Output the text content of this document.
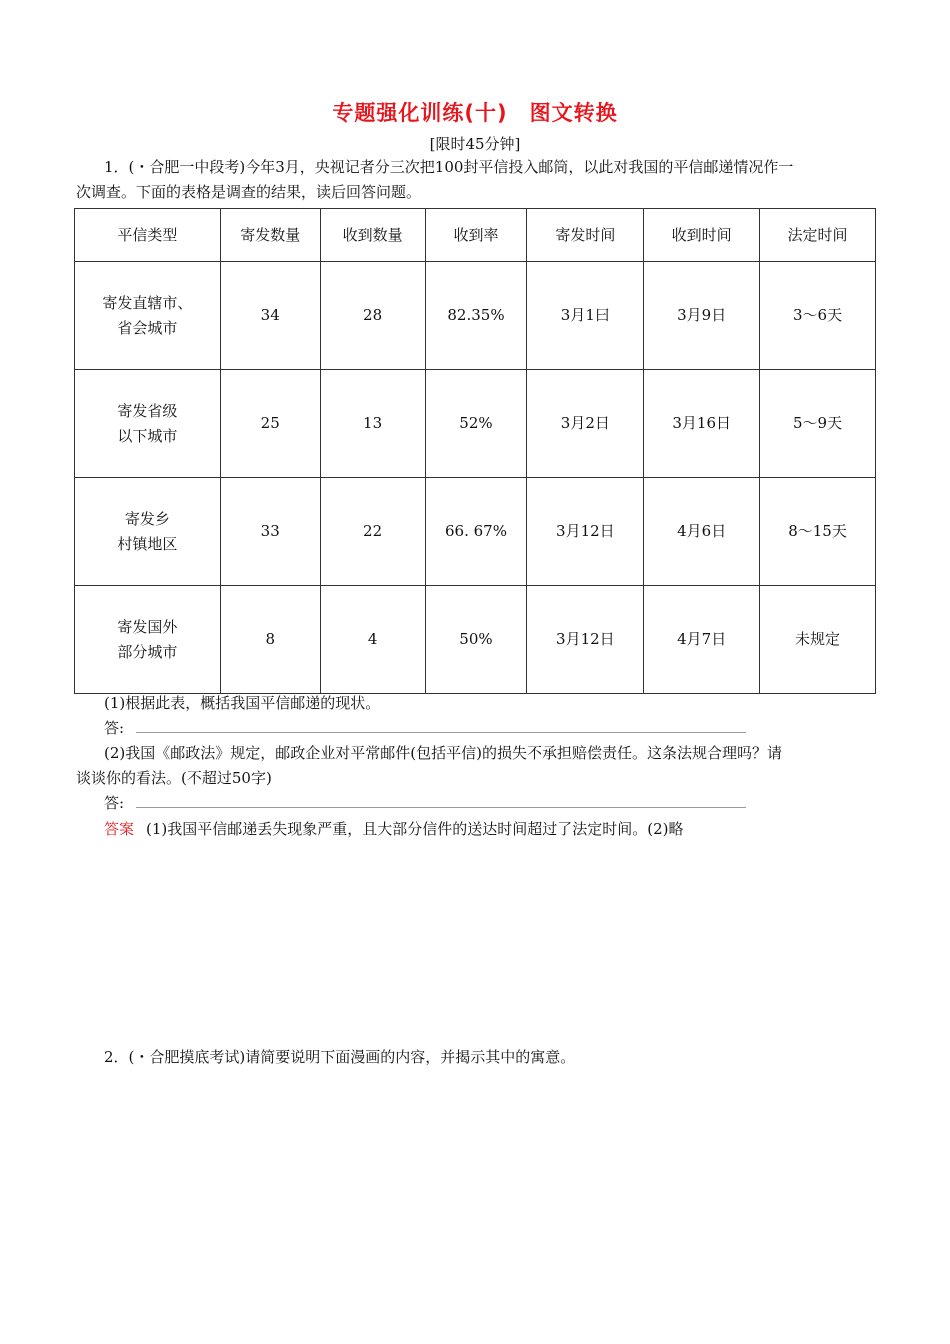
专题强化训练(十)　图文转换
[限时45分钟]
1．(・合肥一中段考)今年3月，央视记者分三次把100封平信投入邮筒，以此对我国的平信邮递情况作一
次调查。下面的表格是调查的结果，读后回答问题。
平信类型	寄发数量	收到数量	收到率	寄发时间	收到时间	法定时间
寄发直辖市、
省会城市	34	28	82.35%	3月1曰	3月9日	3～6天
寄发省级
以下城市	25	13	52%	3月2日	3月16日	5～9天
寄发乡
村镇地区	33	22	66. 67%	3月12日	4月6日	8～15天
寄发国外
部分城市	8	4	50%	3月12日	4月7日	未规定
(1)根据此表，概括我国平信邮递的现状。
答:
(2)我国《邮政法》规定，邮政企业对平常邮件(包括平信)的损失不承担赔偿责任。这条法规合理吗？请
谈谈你的看法。(不超过50字)
答:
答案 (1)我国平信邮递丢失现象严重，且大部分信件的送达时间超过了法定时间。(2)略
2．(・合肥摸底考试)请简要说明下面漫画的内容，并揭示其中的寓意。
